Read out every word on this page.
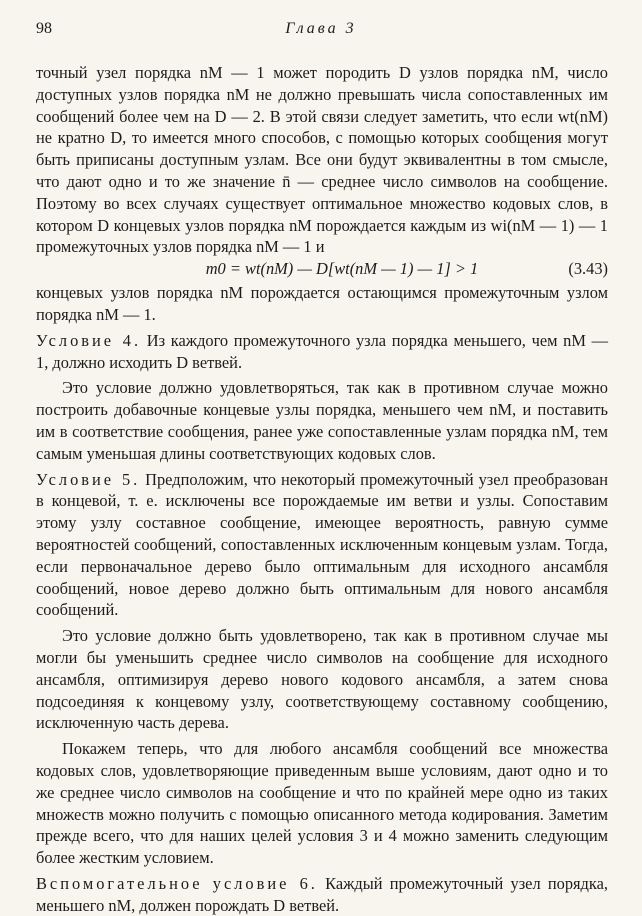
98	Глава 3

точный узел порядка nM — 1 может породить D узлов порядка nM, число доступных узлов порядка nM не должно превышать числа сопоставленных им сообщений более чем на D — 2. В этой связи следует заметить, что если wt(nM) не кратно D, то имеется много способов, с помощью которых сообщения могут быть приписаны доступным узлам. Все они будут эквивалентны в том смысле, что дают одно и то же значение n̄ — среднее число символов на сообщение. Поэтому во всех случаях существует оптимальное множество кодовых слов, в котором D концевых узлов порядка nM порождается каждым из wi(nM — 1) — 1 промежуточных узлов порядка nM — 1 и

m0 = wt(nM) — D[wt(nM — 1) — 1] > 1	(3.43)

концевых узлов порядка nM порождается остающимся промежуточным узлом порядка nM — 1.

Условие 4. Из каждого промежуточного узла порядка меньшего, чем nM — 1, должно исходить D ветвей.

Это условие должно удовлетворяться, так как в противном случае можно построить добавочные концевые узлы порядка, меньшего чем nM, и поставить им в соответствие сообщения, ранее уже сопоставленные узлам порядка nM, тем самым уменьшая длины соответствующих кодовых слов.

Условие 5. Предположим, что некоторый промежуточный узел преобразован в концевой, т. е. исключены все порождаемые им ветви и узлы. Сопоставим этому узлу составное сообщение, имеющее вероятность, равную сумме вероятностей сообщений, сопоставленных исключенным концевым узлам. Тогда, если первоначальное дерево было оптимальным для исходного ансамбля сообщений, новое дерево должно быть оптимальным для нового ансамбля сообщений.

Это условие должно быть удовлетворено, так как в противном случае мы могли бы уменьшить среднее число символов на сообщение для исходного ансамбля, оптимизируя дерево нового кодового ансамбля, а затем снова подсоединяя к концевому узлу, соответствующему составному сообщению, исключенную часть дерева.

Покажем теперь, что для любого ансамбля сообщений все множества кодовых слов, удовлетворяющие приведенным выше условиям, дают одно и то же среднее число символов на сообщение и что по крайней мере одно из таких множеств можно получить с помощью описанного метода кодирования. Заметим прежде всего, что для наших целей условия 3 и 4 можно заменить следующим более жестким условием.

Вспомогательное условие 6. Каждый промежуточный узел порядка, меньшего nM, должен порождать D ветвей.
